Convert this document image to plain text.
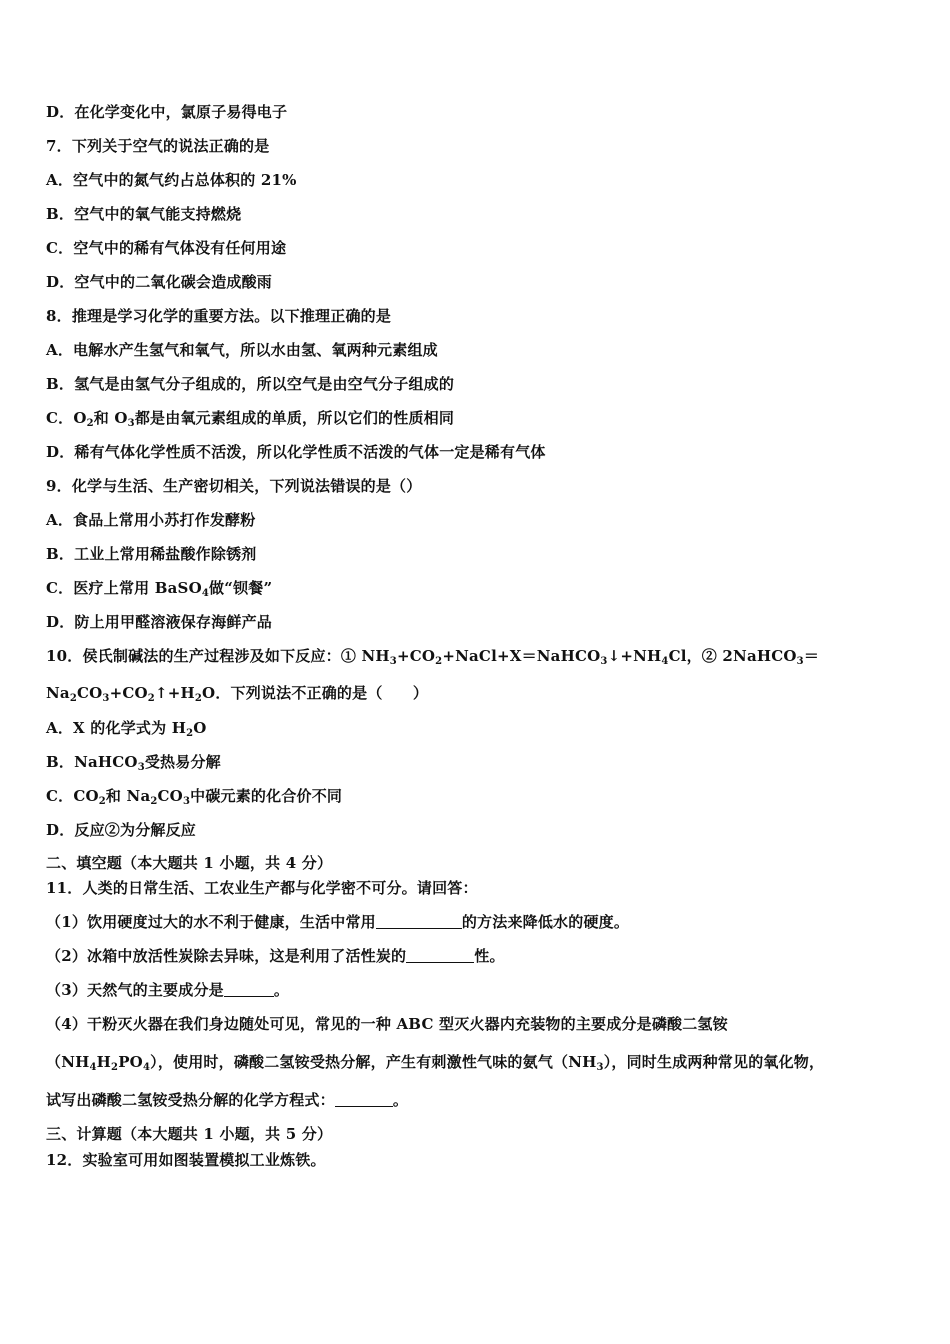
D．在化学变化中，氯原子易得电子
7．下列关于空气的说法正确的是
A．空气中的氮气约占总体积的 21%
B．空气中的氧气能支持燃烧
C．空气中的稀有气体没有任何用途
D．空气中的二氧化碳会造成酸雨
8．推理是学习化学的重要方法。以下推理正确的是
A．电解水产生氢气和氧气，所以水由氢、氧两种元素组成
B．氢气是由氢气分子组成的，所以空气是由空气分子组成的
C．$O_2$和 $O_3$都是由氧元素组成的单质，所以它们的性质相同
D．稀有气体化学性质不活泼，所以化学性质不活泼的气体一定是稀有气体
9．化学与生活、生产密切相关，下列说法错误的是（）
A．食品上常用小苏打作发酵粉
B．工业上常用稀盐酸作除锈剂
C．医疗上常用 BaSO$_4$做“钡餐”
D．防上用甲醛溶液保存海鲜产品
10．侯氏制碱法的生产过程涉及如下反应：① $NH_3+CO_2+NaCl+X=NaHCO_3↓+NH_4Cl$，② 2NaHCO$_3$＝
$Na_2CO_3+CO_2↑+H_2O$．下列说法不正确的是（　　）
A．X 的化学式为 $H_2O$
B．NaHCO$_3$受热易分解
C．$CO_2$和 $Na_2CO_3$中碳元素的化合价不同
D．反应②为分解反应
二、填空题（本大题共 1 小题，共 4 分）
11．人类的日常生活、工农业生产都与化学密不可分。请回答：
（1）饮用硬度过大的水不利于健康，生活中常用	的方法来降低水的硬度。
（2）冰箱中放活性炭除去异味，这是利用了活性炭的	性。
（3）天然气的主要成分是	。
（4）干粉灭火器在我们身边随处可见，常见的一种 ABC 型灭火器内充装物的主要成分是磷酸二氢铵
$(NH_4H_2PO_4)$，使用时，磷酸二氢铵受热分解，产生有刺激性气味的氨气$(NH_3)$，同时生成两种常见的氧化物，
试写出磷酸二氢铵受热分解的化学方程式：	。
三、计算题（本大题共 1 小题，共 5 分）
12．实验室可用如图装置模拟工业炼铁。
